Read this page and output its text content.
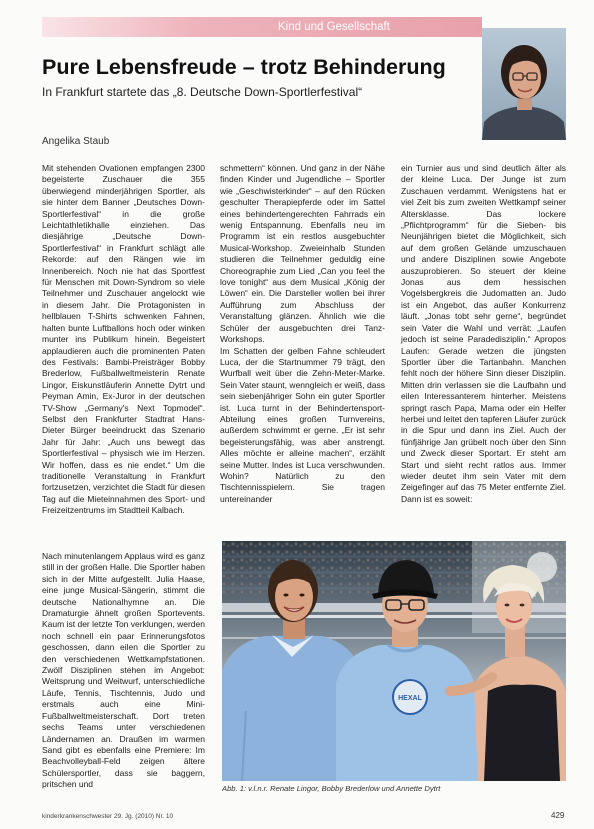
Kind und Gesellschaft
Pure Lebensfreude – trotz Behinderung

In Frankfurt startete das „8. Deutsche Down-Sportlerfestival“

Angelika Staub

Mit stehenden Ovationen empfangen 2300 begeisterte Zuschauer die 355 überwiegend minderjährigen Sportler, als sie hinter dem Banner „Deutsches Down-Sportlerfestival“ in die große Leichtathletikhalle einziehen. Das diesjährige „Deutsche Down-Sportlerfestival“ in Frankfurt schlägt alle Rekorde: auf den Rängen wie im Innenbereich. Noch nie hat das Sportfest für Menschen mit Down-Syndrom so viele Teilnehmer und Zuschauer angelockt wie in diesem Jahr. Die Protagonisten in hellblauen T-Shirts schwenken Fahnen, halten bunte Luftballons hoch oder winken munter ins Publikum hinein. Begeistert applaudieren auch die prominenten Paten des Festivals: Bambi-Preisträger Bobby Brederlow, Fußballweltmeisterin Renate Lingor, Eiskunstläuferin Annette Dytrt und Peyman Amin, Ex-Juror in der deutschen TV-Show „Germany's Next Topmodel“. Selbst den Frankfurter Stadtrat Hans-Dieter Bürger beeindruckt das Szenario Jahr für Jahr: „Auch uns bewegt das Sportlerfestival – physisch wie im Herzen. Wir hoffen, dass es nie endet.“ Um die traditionelle Veranstaltung in Frankfurt fortzusetzen, verzichtet die Stadt für diesen Tag auf die Mieteinnahmen des Sport- und Freizeitzentrums im Stadtteil Kalbach.

Nach minutenlangem Applaus wird es ganz still in der großen Halle. Die Sportler haben sich in der Mitte aufgestellt. Julia Haase, eine junge Musical-Sängerin, stimmt die deutsche Nationalhymne an. Die Dramaturgie ähnelt großen Sportevents. Kaum ist der letzte Ton verklungen, werden noch schnell ein paar Erinnerungsfotos geschossen, dann eilen die Sportler zu den verschiedenen Wettkampfstationen. Zwölf Disziplinen stehen im Angebot: Weitsprung und Weitwurf, unterschiedliche Läufe, Tennis, Tischtennis, Judo und erstmals auch eine Mini-Fußballweltmeisterschaft. Dort treten sechs Teams unter verschiedenen Ländernamen an. Draußen im warmen Sand gibt es ebenfalls eine Premiere: Im Beachvolleyball-Feld zeigen ältere Schülersportler, dass sie baggern, pritschen und

schmettern“ können. Und ganz in der Nähe finden Kinder und Jugendliche – Sportler wie „Geschwisterkinder“ – auf den Rücken geschulter Therapiepferde oder im Sattel eines behindertengerechten Fahrrads ein wenig Entspannung. Ebenfalls neu im Programm ist ein restlos ausgebuchter Musical-Workshop. Zweieinhalb Stunden studieren die Teilnehmer geduldig eine Choreographie zum Lied „Can you feel the love tonight“ aus dem Musical „König der Löwen“ ein. Die Darsteller wollen bei ihrer Aufführung zum Abschluss der Veranstaltung glänzen. Ähnlich wie die Schüler der ausgebuchten drei Tanz-Workshops.

Im Schatten der gelben Fahne schleudert Luca, der die Startnummer 79 trägt, den Wurfball weit über die Zehn-Meter-Marke. Sein Vater staunt, wenngleich er weiß, dass sein siebenjähriger Sohn ein guter Sportler ist. Luca turnt in der Behindertensport-Abteilung eines großen Turnvereins, außerdem schwimmt er gerne. „Er ist sehr begeisterungsfähig, was aber anstrengt. Alles möchte er alleine machen“, erzählt seine Mutter. Indes ist Luca verschwunden. Wohin? Natürlich zu den Tischtennisspielern. Sie tragen untereinander

ein Turnier aus und sind deutlich älter als der kleine Luca. Der Junge ist zum Zuschauen verdammt. Wenigstens hat er viel Zeit bis zum zweiten Wettkampf seiner Altersklasse. Das lockere „Pflichtprogramm“ für die Sieben- bis Neunjährigen bietet die Möglichkeit, sich auf dem großen Gelände umzuschauen und andere Disziplinen sowie Angebote auszuprobieren. So steuert der kleine Jonas aus dem hessischen Vogelsbergkreis die Judomatten an. Judo ist ein Angebot, das außer Konkurrenz läuft. „Jonas tobt sehr gerne“, begründet sein Vater die Wahl und verrät: „Laufen jedoch ist seine Paradedisziplin.“ Apropos Laufen: Gerade wetzen die jüngsten Sportler über die Tartanbahn. Manchen fehlt noch der höhere Sinn dieser Disziplin. Mitten drin verlassen sie die Laufbahn und eilen Interessanterem hinterher. Meistens springt rasch Papa, Mama oder ein Helfer herbei und leitet den tapferen Läufer zurück in die Spur und dann ins Ziel. Auch der fünfjährige Jan grübelt noch über den Sinn und Zweck dieser Sportart. Er steht am Start und sieht recht ratlos aus. Immer wieder deutet ihm sein Vater mit dem Zeigefinger auf das 75 Meter entfernte Ziel. Dann ist es soweit:

HEXAL
Abb. 1: v.l.n.r. Renate Lingor, Bobby Brederlow und Annette Dytrt
kinderkrankenschwester 29. Jg. (2010) Nr. 10	429
